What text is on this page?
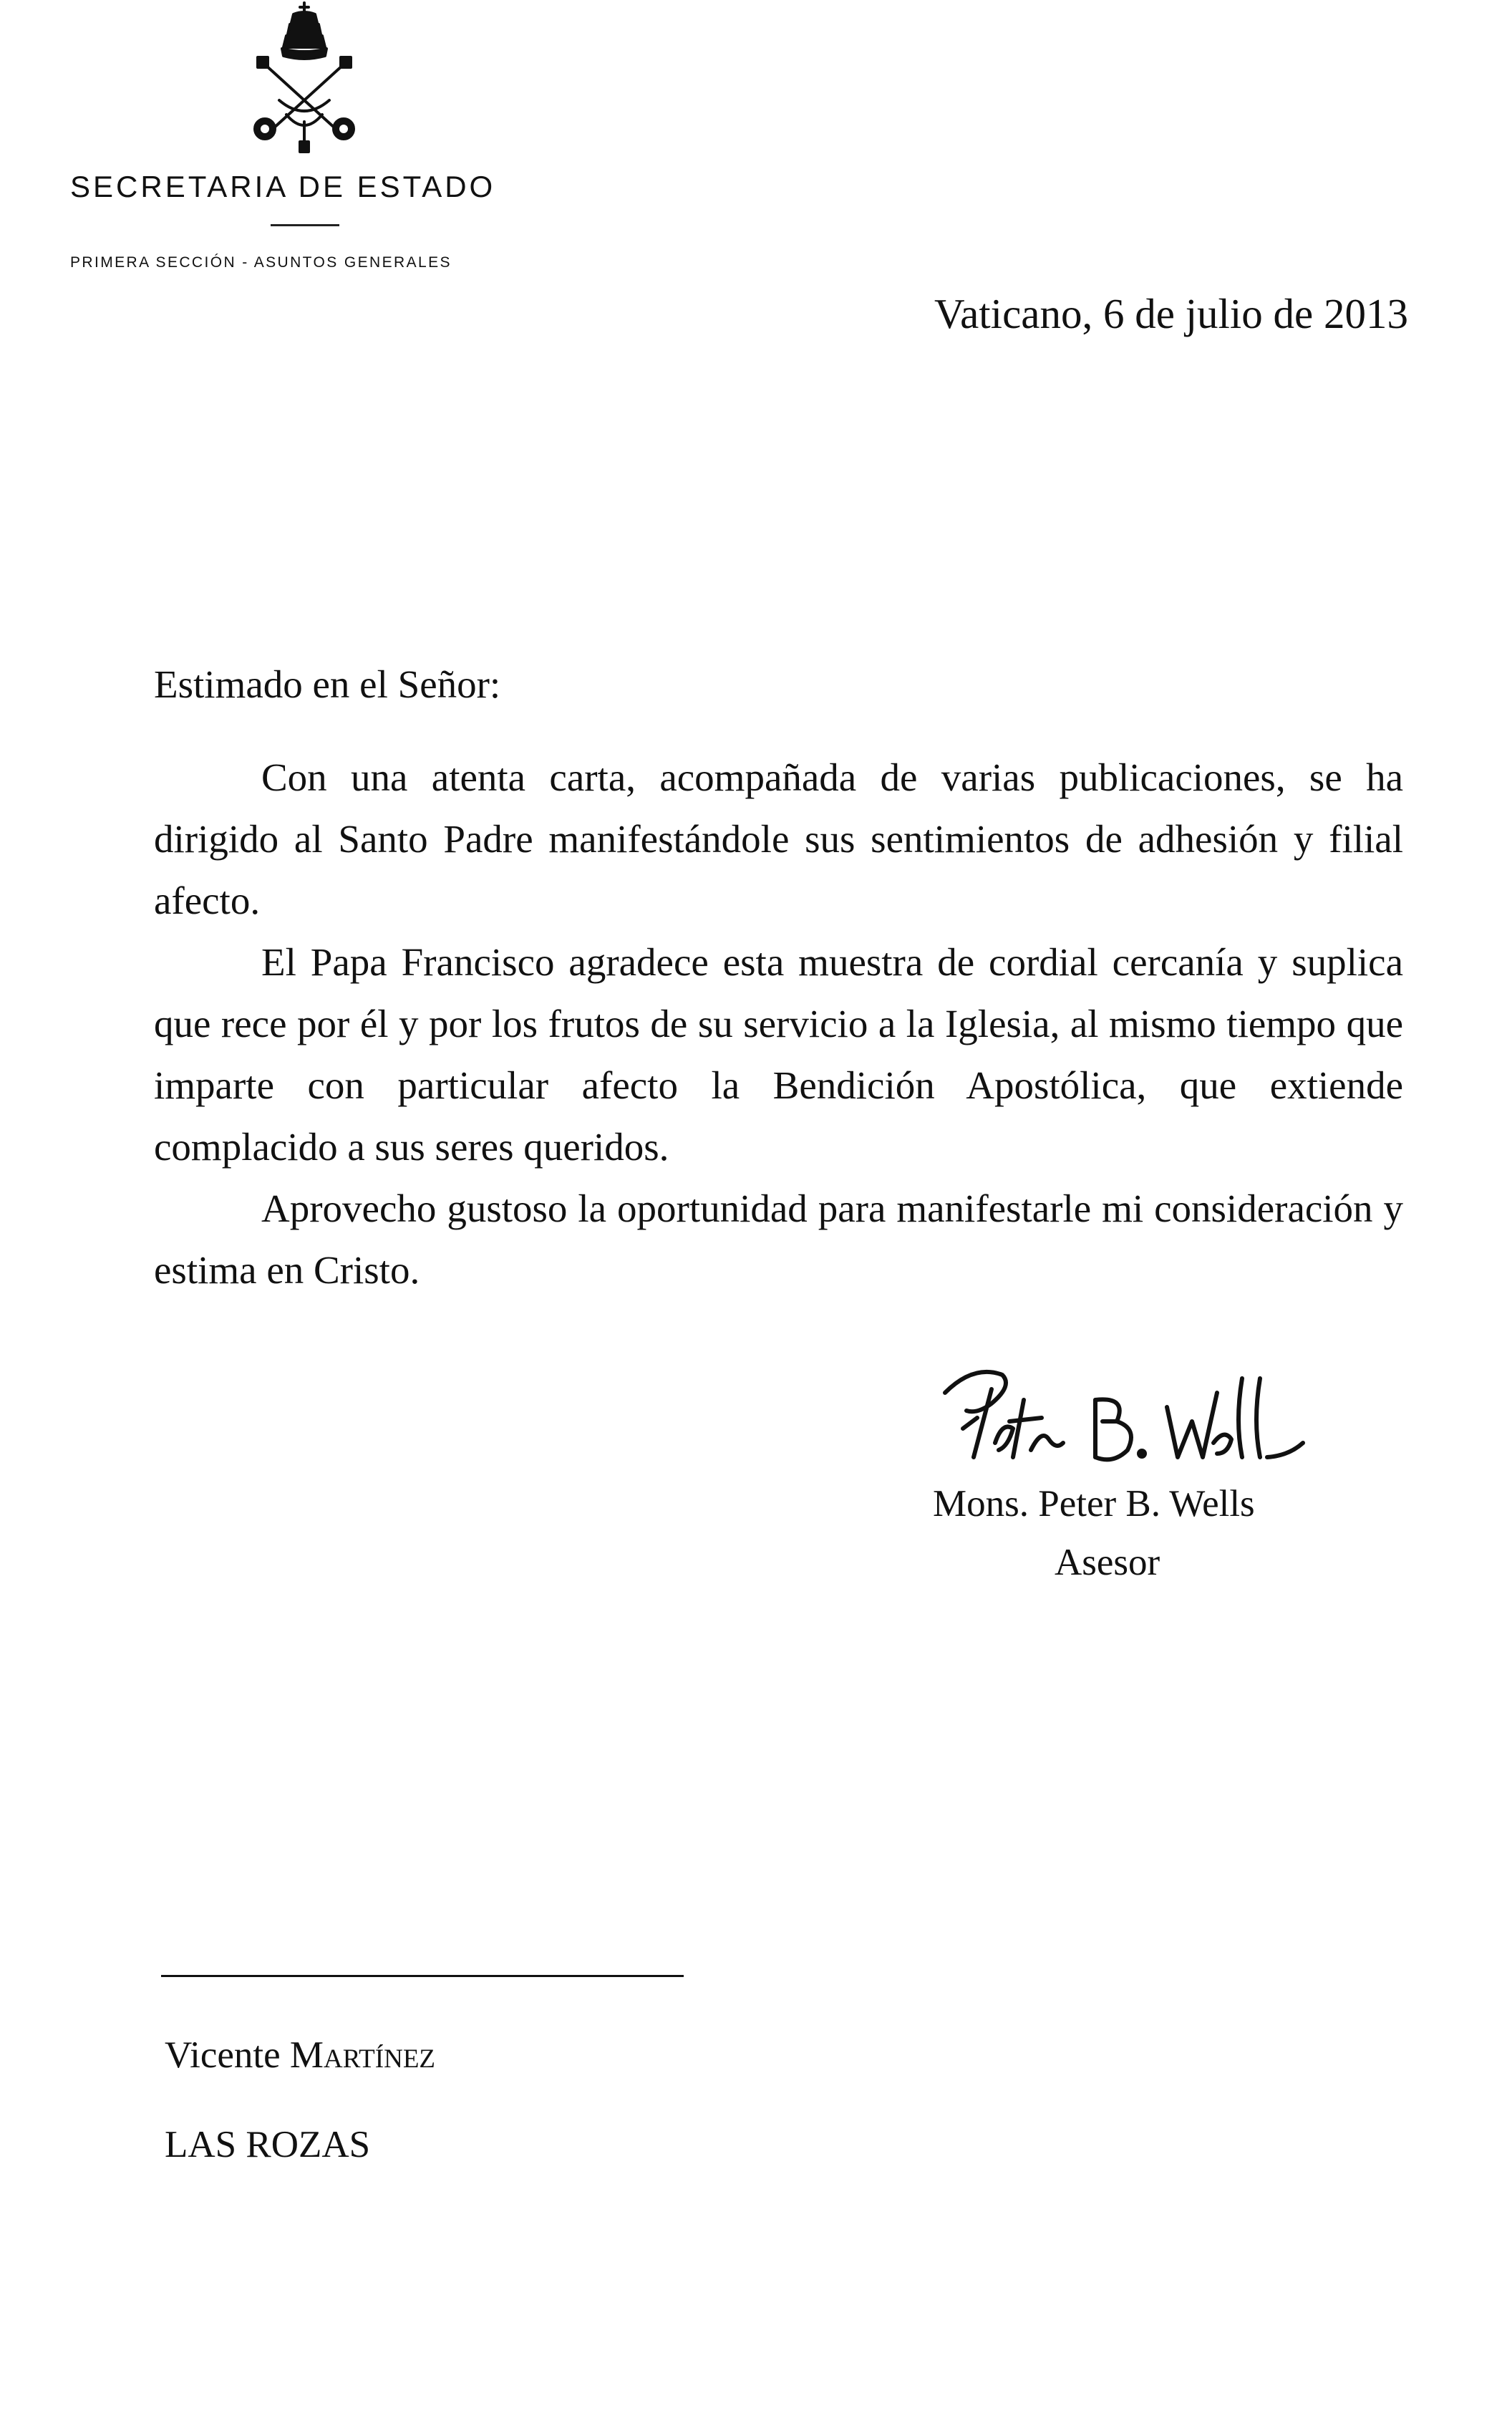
SECRETARIA DE ESTADO
PRIMERA SECCIÓN - ASUNTOS GENERALES
Vaticano, 6 de julio de 2013
Estimado en el Señor:

Con una atenta carta, acompañada de varias publicaciones, se ha dirigido al Santo Padre manifestándole sus sentimientos de adhesión y filial afecto.

El Papa Francisco agradece esta muestra de cordial cercanía y suplica que rece por él y por los frutos de su servicio a la Iglesia, al mismo tiempo que imparte con particular afecto la Bendición Apostólica, que extiende complacido a sus seres queridos.

Aprovecho gustoso la oportunidad para manifestarle mi consideración y estima en Cristo.

Mons. Peter B. Wells
Asesor
Vicente Martínez
LAS ROZAS
